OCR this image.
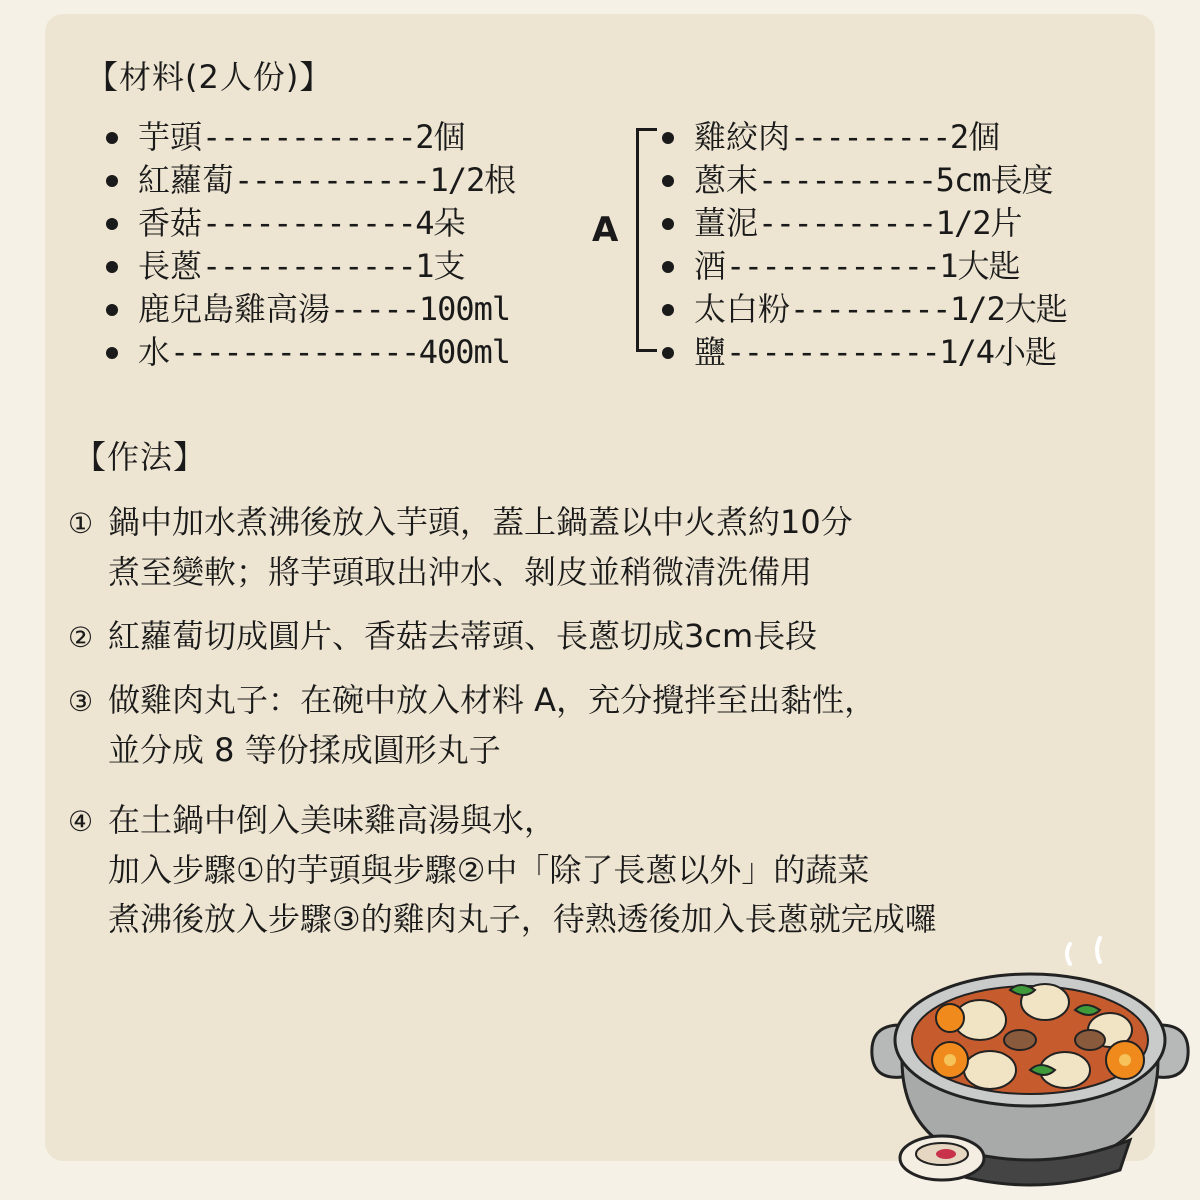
【材料(2人份)】
芋頭------------2個
紅蘿蔔-----------1/2根
香菇------------4朵
長蔥------------1支
鹿兒島雞高湯-----100ml
水--------------400ml
A
雞絞肉---------2個
蔥末----------5cm長度
薑泥----------1/2片
酒------------1大匙
太白粉---------1/2大匙
鹽------------1/4小匙
【作法】
① 鍋中加水煮沸後放入芋頭，蓋上鍋蓋以中火煮約10分
煮至變軟；將芋頭取出沖水、剝皮並稍微清洗備用
② 紅蘿蔔切成圓片、香菇去蒂頭、長蔥切成3cm長段
③ 做雞肉丸子：在碗中放入材料 A，充分攪拌至出黏性，
並分成 8 等份揉成圓形丸子
④ 在土鍋中倒入美味雞高湯與水，
加入步驟①的芋頭與步驟②中「除了長蔥以外」的蔬菜
煮沸後放入步驟③的雞肉丸子，待熟透後加入長蔥就完成囉
